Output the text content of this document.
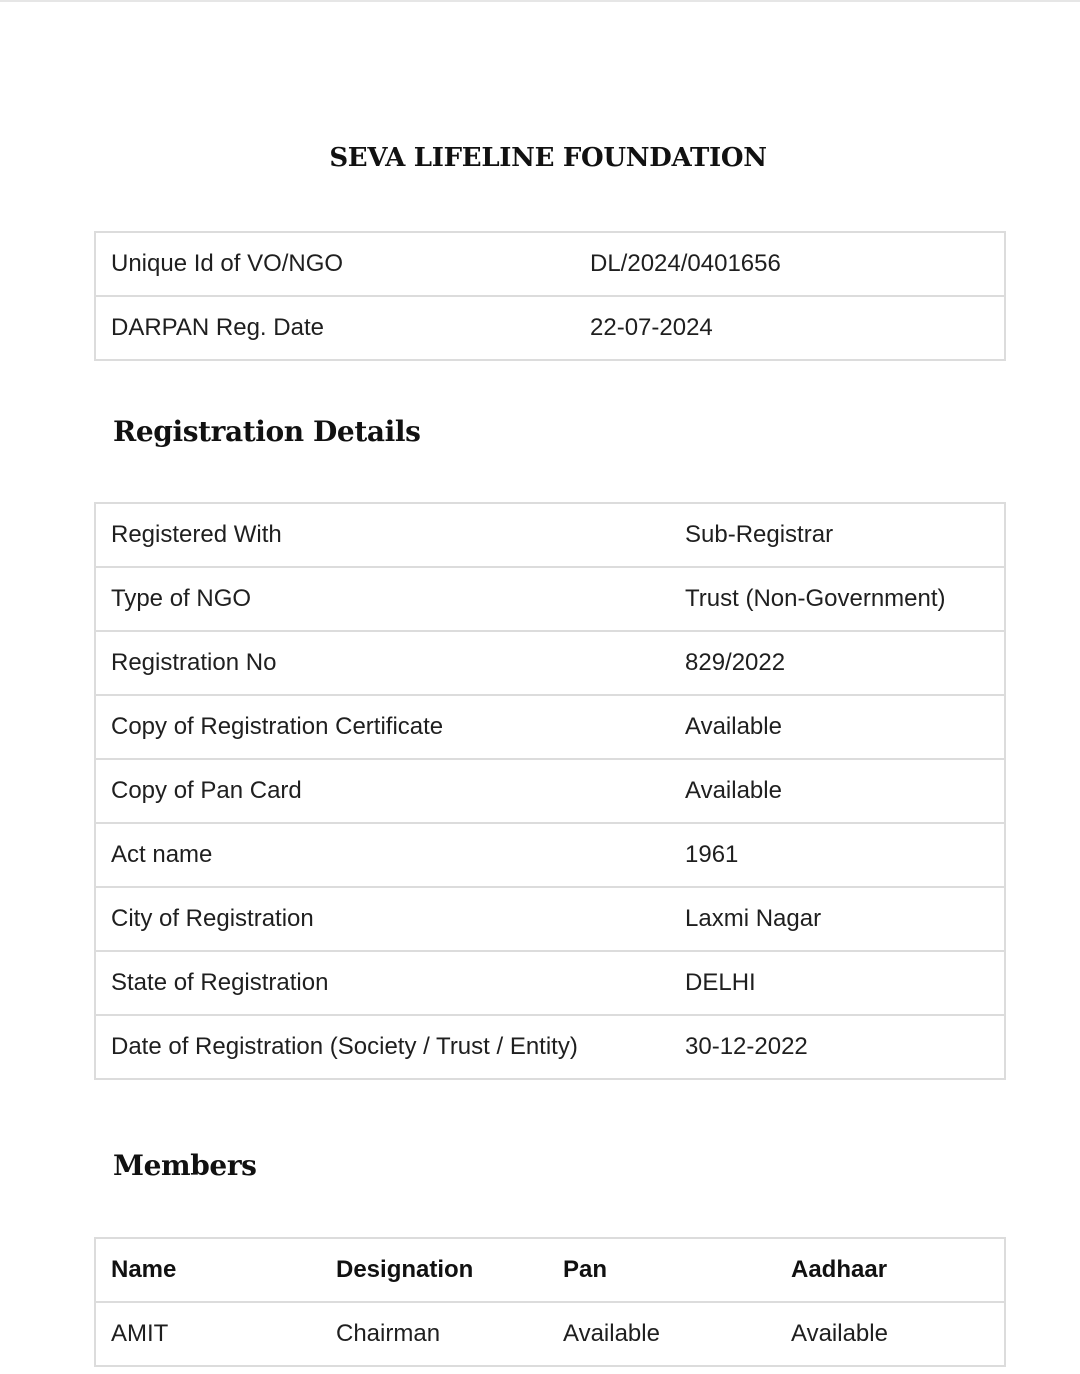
SEVA LIFELINE FOUNDATION
Unique Id of VO/NGO	DL/2024/0401656
DARPAN Reg. Date	22-07-2024
Registration Details
Registered With	Sub-Registrar
Type of NGO	Trust (Non-Government)
Registration No	829/2022
Copy of Registration Certificate	Available
Copy of Pan Card	Available
Act name	1961
City of Registration	Laxmi Nagar
State of Registration	DELHI
Date of Registration (Society / Trust / Entity)	30-12-2022
Members
Name	Designation	Pan	Aadhaar
AMIT	Chairman	Available	Available
